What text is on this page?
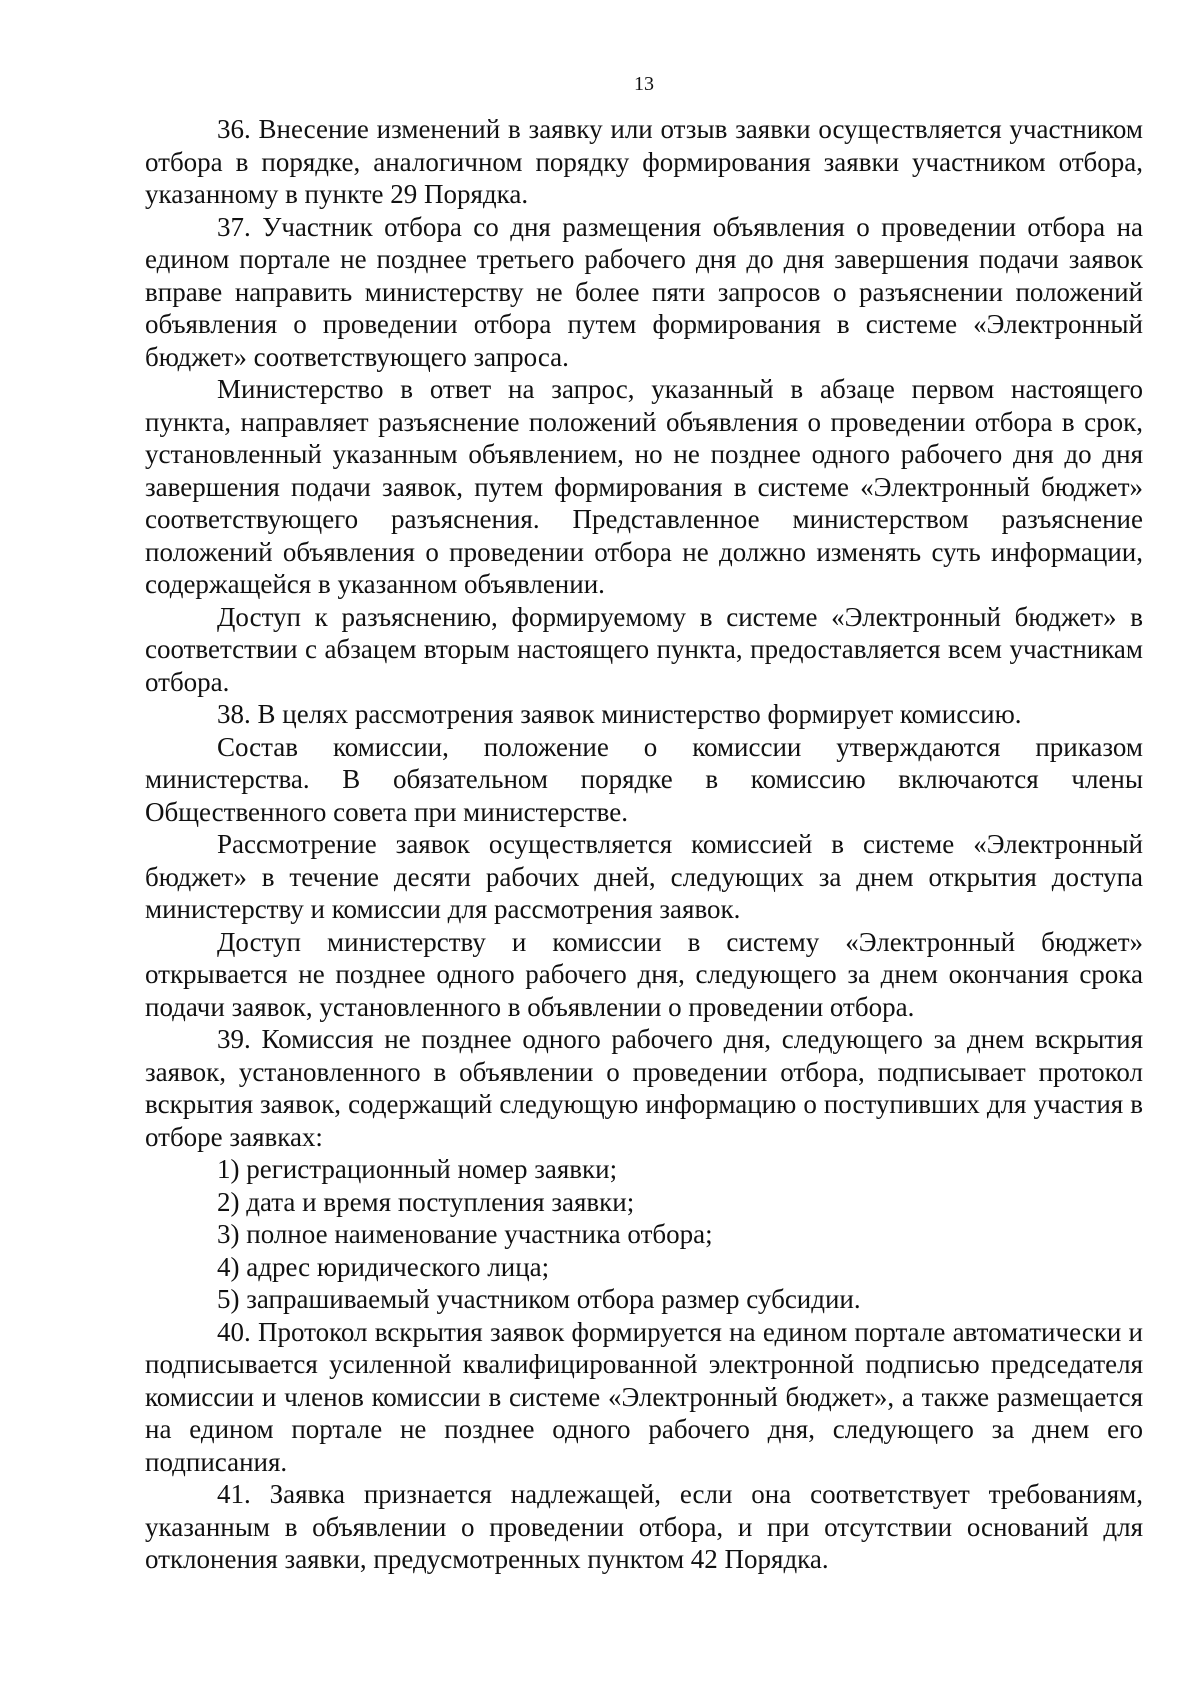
13

36. Внесение изменений в заявку или отзыв заявки осуществляется участником отбора в порядке, аналогичном порядку формирования заявки участником отбора, указанному в пункте 29 Порядка.

37. Участник отбора со дня размещения объявления о проведении отбора на едином портале не позднее третьего рабочего дня до дня завершения подачи заявок вправе направить министерству не более пяти запросов о разъяснении положений объявления о проведении отбора путем формирования в системе «Электронный бюджет» соответствующего запроса.

Министерство в ответ на запрос, указанный в абзаце первом настоящего пункта, направляет разъяснение положений объявления о проведении отбора в срок, установленный указанным объявлением, но не позднее одного рабочего дня до дня завершения подачи заявок, путем формирования в системе «Электронный бюджет» соответствующего разъяснения. Представленное министерством разъяснение положений объявления о проведении отбора не должно изменять суть информации, содержащейся в указанном объявлении.

Доступ к разъяснению, формируемому в системе «Электронный бюджет» в соответствии с абзацем вторым настоящего пункта, предоставляется всем участникам отбора.

38. В целях рассмотрения заявок министерство формирует комиссию.

Состав комиссии, положение о комиссии утверждаются приказом министерства. В обязательном порядке в комиссию включаются члены Общественного совета при министерстве.

Рассмотрение заявок осуществляется комиссией в системе «Электронный бюджет» в течение десяти рабочих дней, следующих за днем открытия доступа министерству и комиссии для рассмотрения заявок.

Доступ министерству и комиссии в систему «Электронный бюджет» открывается не позднее одного рабочего дня, следующего за днем окончания срока подачи заявок, установленного в объявлении о проведении отбора.

39. Комиссия не позднее одного рабочего дня, следующего за днем вскрытия заявок, установленного в объявлении о проведении отбора, подписывает протокол вскрытия заявок, содержащий следующую информацию о поступивших для участия в отборе заявках:

1) регистрационный номер заявки;

2) дата и время поступления заявки;

3) полное наименование участника отбора;

4) адрес юридического лица;

5) запрашиваемый участником отбора размер субсидии.

40. Протокол вскрытия заявок формируется на едином портале автоматически и подписывается усиленной квалифицированной электронной подписью председателя комиссии и членов комиссии в системе «Электронный бюджет», а также размещается на едином портале не позднее одного рабочего дня, следующего за днем его подписания.

41. Заявка признается надлежащей, если она соответствует требованиям, указанным в объявлении о проведении отбора, и при отсутствии оснований для отклонения заявки, предусмотренных пунктом 42 Порядка.
